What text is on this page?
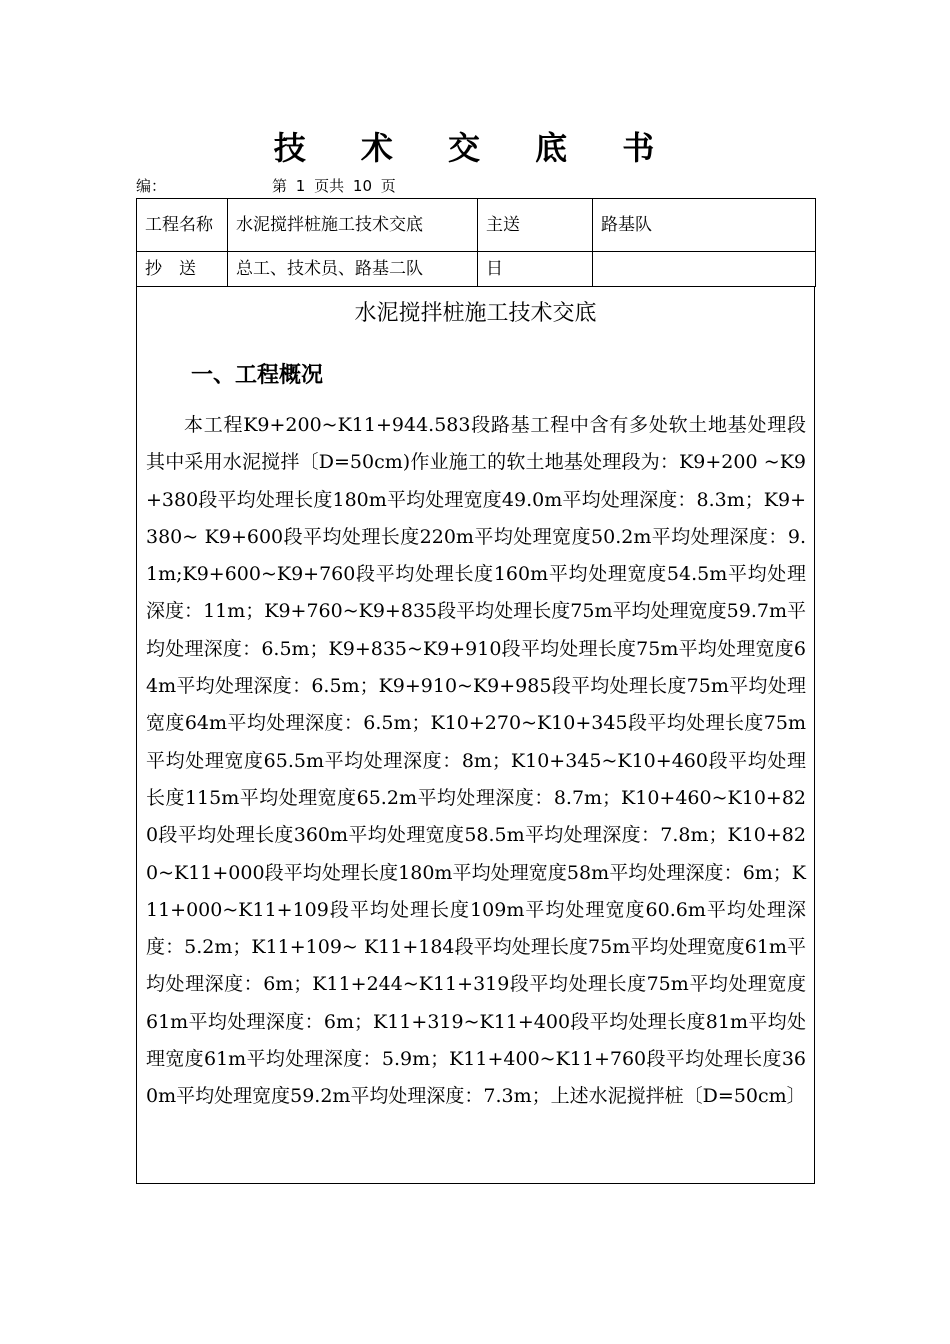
技 术 交 底 书
编：	第 1 页共 10 页
工程名称	水泥搅拌桩施工技术交底	主送	路基队
抄　送	总工、技术员、路基二队	日	
水泥搅拌桩施工技术交底
一、工程概况

本工程K9+200~K11+944.583段路基工程中含有多处软土地基处理段其中采用水泥搅拌〔D=50cm)作业施工的软土地基处理段为：K9+200 ~K9+380段平均处理长度180m平均处理宽度49.0m平均处理深度：8.3m；K9+380~ K9+600段平均处理长度220m平均处理宽度50.2m平均处理深度：9.1m;K9+600~K9+760段平均处理长度160m平均处理宽度54.5m平均处理深度：11m；K9+760~K9+835段平均处理长度75m平均处理宽度59.7m平均处理深度：6.5m；K9+835~K9+910段平均处理长度75m平均处理宽度64m平均处理深度：6.5m；K9+910~K9+985段平均处理长度75m平均处理宽度64m平均处理深度：6.5m；K10+270~K10+345段平均处理长度75m平均处理宽度65.5m平均处理深度：8m；K10+345~K10+460段平均处理长度115m平均处理宽度65.2m平均处理深度：8.7m；K10+460~K10+820段平均处理长度360m平均处理宽度58.5m平均处理深度：7.8m；K10+820~K11+000段平均处理长度180m平均处理宽度58m平均处理深度：6m；K11+000~K11+109段平均处理长度109m平均处理宽度60.6m平均处理深度：5.2m；K11+109~ K11+184段平均处理长度75m平均处理宽度61m平均处理深度：6m；K11+244~K11+319段平均处理长度75m平均处理宽度61m平均处理深度：6m；K11+319~K11+400段平均处理长度81m平均处理宽度61m平均处理深度：5.9m；K11+400~K11+760段平均处理长度360m平均处理宽度59.2m平均处理深度：7.3m；上述水泥搅拌桩〔D=50cm〕
